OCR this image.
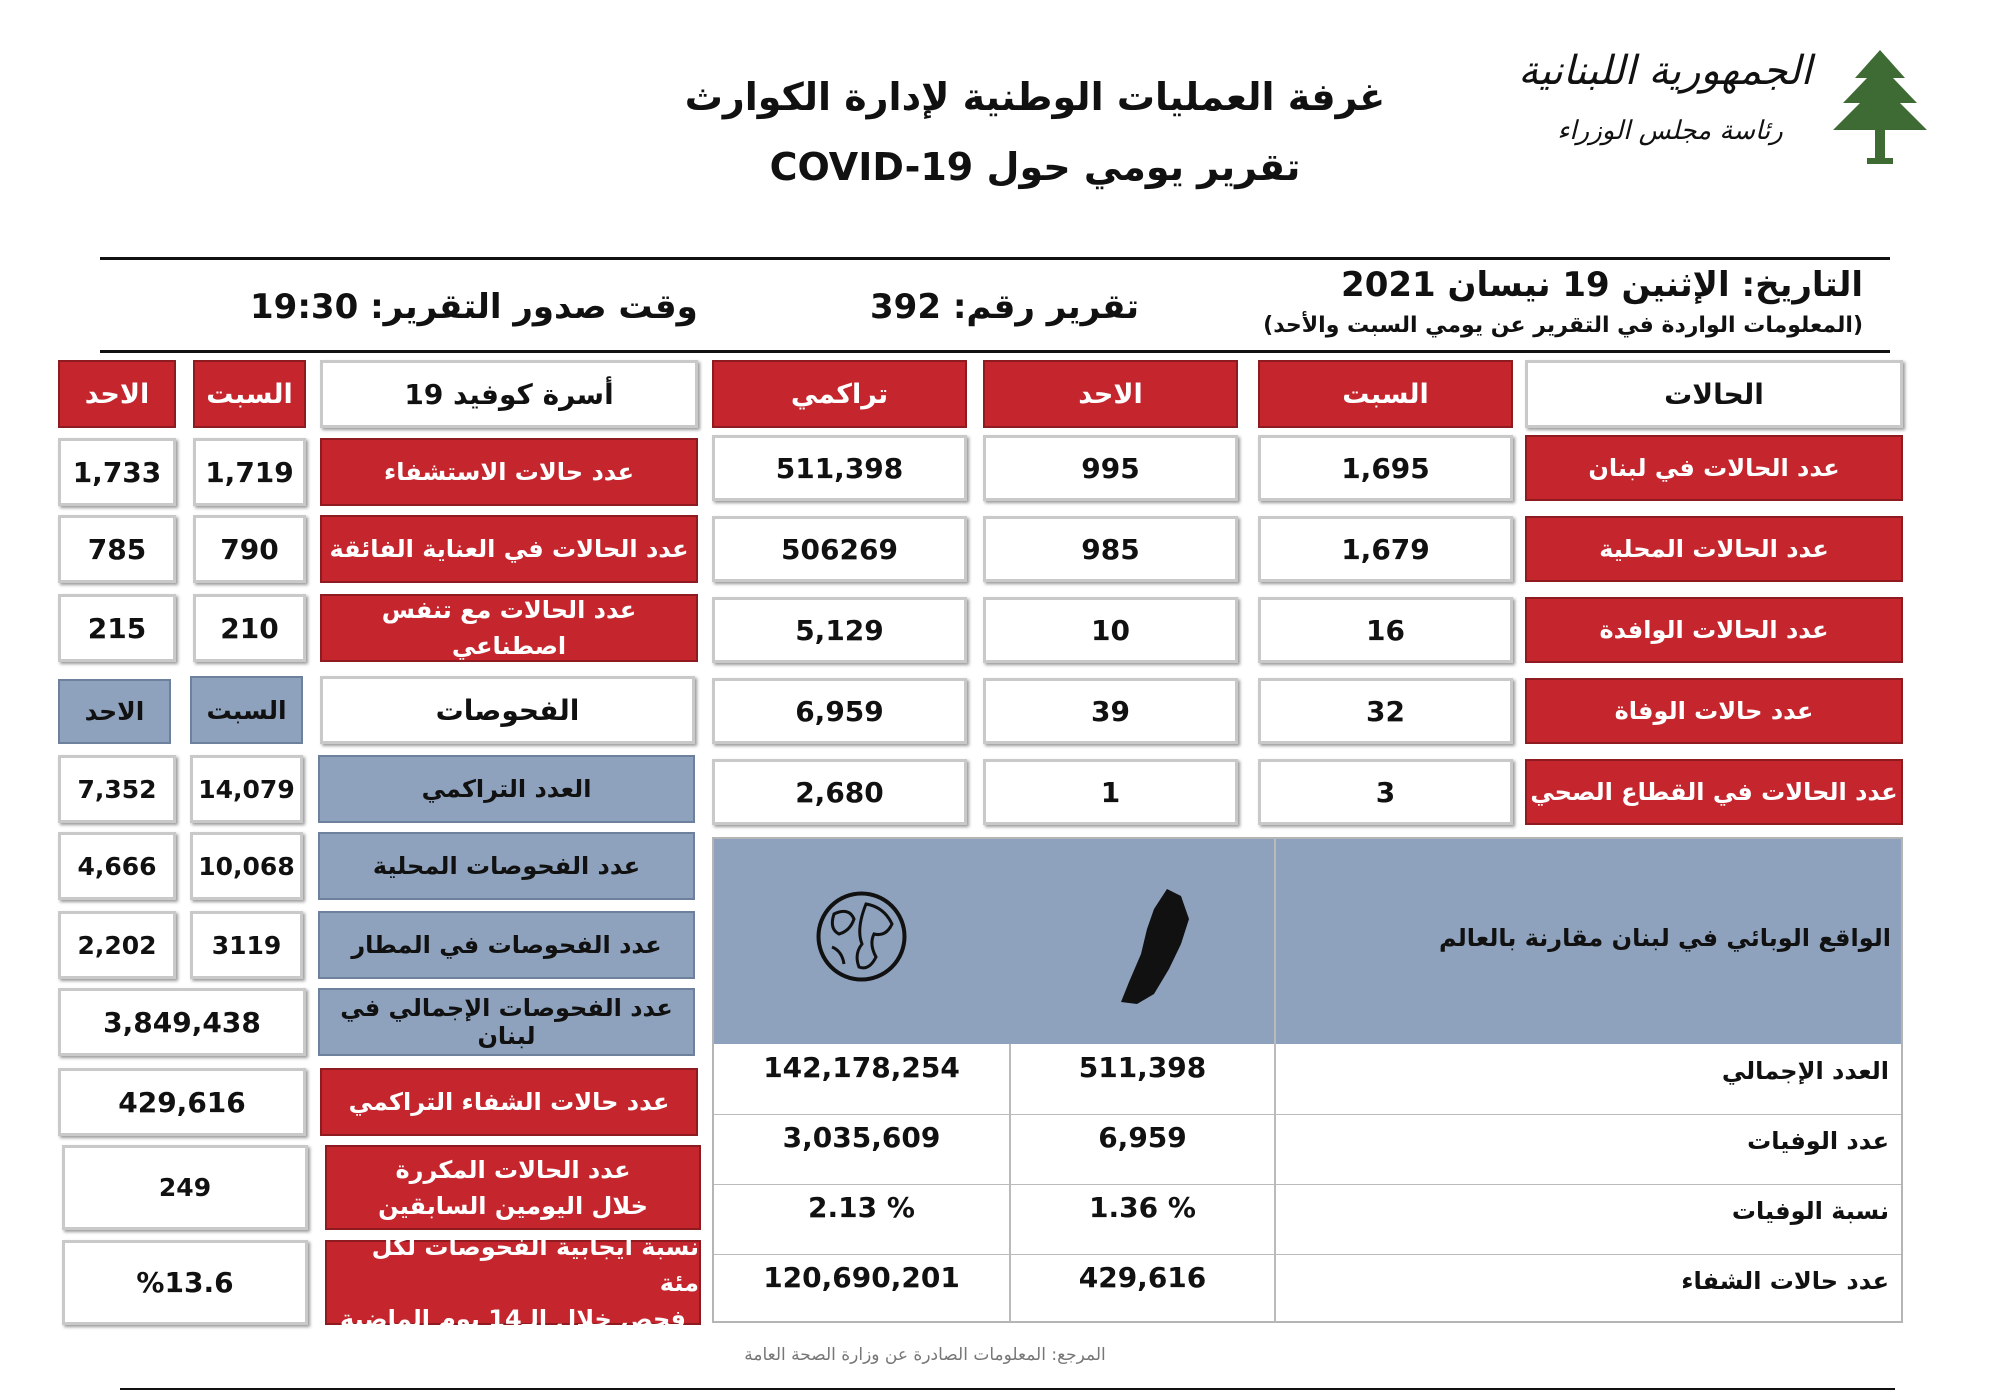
الجمهورية اللبنانية
رئاسة مجلس الوزراء
غرفة العمليات الوطنية لإدارة الكوارث
تقرير يومي حول COVID-19
التاريخ: الإثنين 19 نيسان 2021
(المعلومات الواردة في التقرير عن يومي السبت والأحد)
تقرير رقم: 392
وقت صدور التقرير: 19:30
الحالات
السبت
الاحد
تراكمي
عدد الحالات في لبنان
1,695
995
511,398
عدد الحالات المحلية
1,679
985
506269
عدد الحالات الوافدة
16
10
5,129
عدد حالات الوفاة
32
39
6,959
عدد الحالات في القطاع الصحي
3
1
2,680
الواقع الوبائي في لبنان مقارنة بالعالم
العدد الإجمالي
511,398
142,178,254
عدد الوفيات
6,959
3,035,609
نسبة الوفيات
1.36 %
2.13 %
عدد حالات الشفاء
429,616
120,690,201
أسرة كوفيد 19
السبت
الاحد
عدد حالات الاستشفاء
1,719
1,733
عدد الحالات في العناية الفائقة
790
785
عدد الحالات مع تنفس اصطناعي
210
215
الفحوصات
السبت
الاحد
العدد التراكمي
14,079
7,352
عدد الفحوصات المحلية
10,068
4,666
عدد الفحوصات في المطار
3119
2,202
عدد الفحوصات الإجمالي في لبنان
3,849,438
عدد حالات الشفاء التراكمي
429,616
عدد الحالات المكررة
خلال اليومين السابقين
249
نسبة ايجابية الفحوصات لكل مئة
فحص خلال الـ14 يوم الماضية
%13.6
المرجع: المعلومات الصادرة عن وزارة الصحة العامة
